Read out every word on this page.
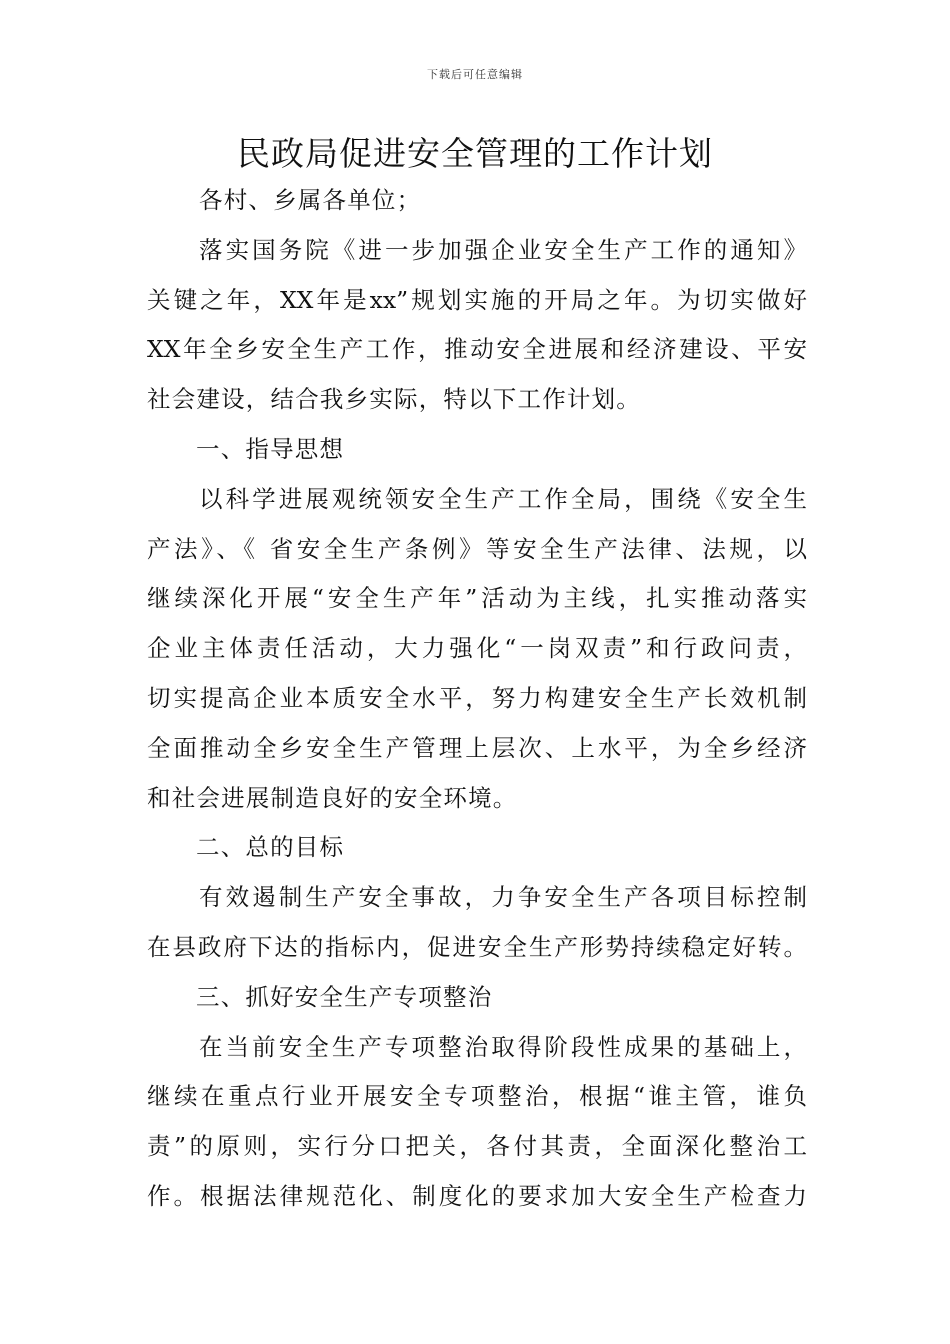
下载后可任意编辑
民政局促进安全管理的工作计划
各村、乡属各单位；
落实国务院《进一步加强企业安全生产工作的通知》
关键之年，XX年是xx”规划实施的开局之年。为切实做好
XX年全乡安全生产工作，推动安全进展和经济建设、平安
社会建设，结合我乡实际，特以下工作计划。
一、指导思想
以科学进展观统领安全生产工作全局，围绕《安全生
产法》、《 省安全生产条例》等安全生产法律、法规，以
继续深化开展“安全生产年”活动为主线，扎实推动落实
企业主体责任活动，大力强化“一岗双责”和行政问责，
切实提高企业本质安全水平，努力构建安全生产长效机制
全面推动全乡安全生产管理上层次、上水平，为全乡经济
和社会进展制造良好的安全环境。
二、总的目标
有效遏制生产安全事故，力争安全生产各项目标控制
在县政府下达的指标内，促进安全生产形势持续稳定好转。
三、抓好安全生产专项整治
在当前安全生产专项整治取得阶段性成果的基础上，
继续在重点行业开展安全专项整治，根据“谁主管，谁负
责”的原则，实行分口把关，各付其责，全面深化整治工
作。根据法律规范化、制度化的要求加大安全生产检查力
